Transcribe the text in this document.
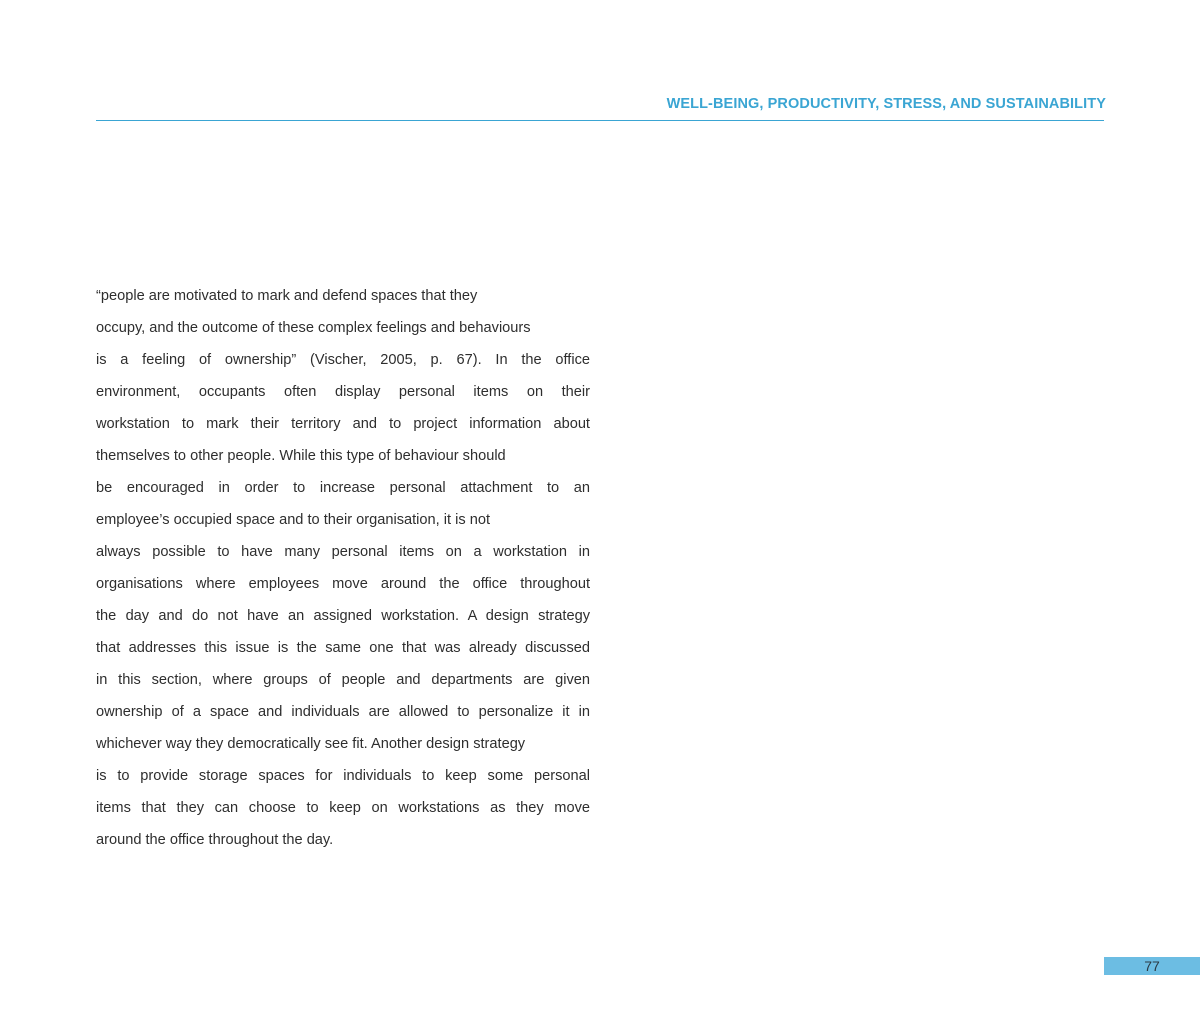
WELL-BEING, PRODUCTIVITY, STRESS, AND SUSTAINABILITY
“people are motivated to mark and defend spaces that they
occupy, and the outcome of these complex feelings and behaviours
is a feeling of ownership” (Vischer, 2005, p. 67). In the office
environment, occupants often display personal items on their
workstation to mark their territory and to project information about
themselves to other people. While this type of behaviour should
be encouraged in order to increase personal attachment to an
employee’s occupied space and to their organisation, it is not
always possible to have many personal items on a workstation in
organisations where employees move around the office throughout
the day and do not have an assigned workstation. A design strategy
that addresses this issue is the same one that was already discussed
in this section, where groups of people and departments are given
ownership of a space and individuals are allowed to personalize it in
whichever way they democratically see fit. Another design strategy
is to provide storage spaces for individuals to keep some personal
items that they can choose to keep on workstations as they move
around the office throughout the day.
77
